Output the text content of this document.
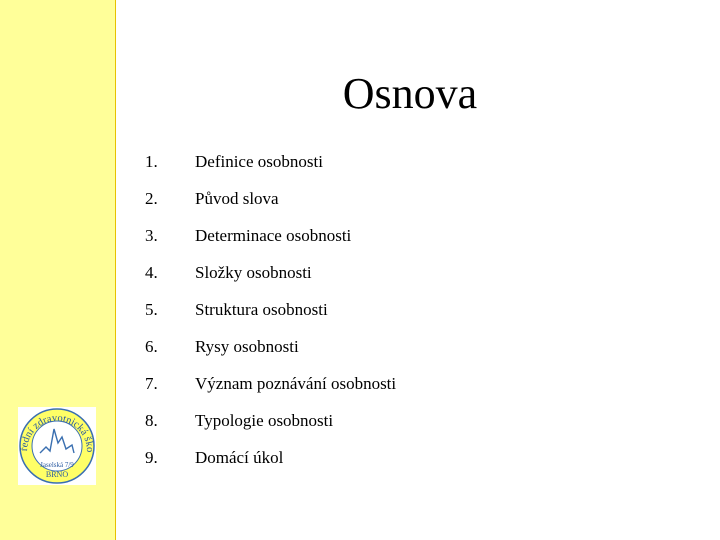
řední zdravotnická ško
Jaselská 7/9
BRNO
Osnova
1.	Definice osobnosti
2.	Původ slova
3.	Determinace osobnosti
4.	Složky osobnosti
5.	Struktura osobnosti
6.	Rysy osobnosti
7.	Význam poznávání osobnosti
8.	Typologie osobnosti
9.	Domácí úkol
